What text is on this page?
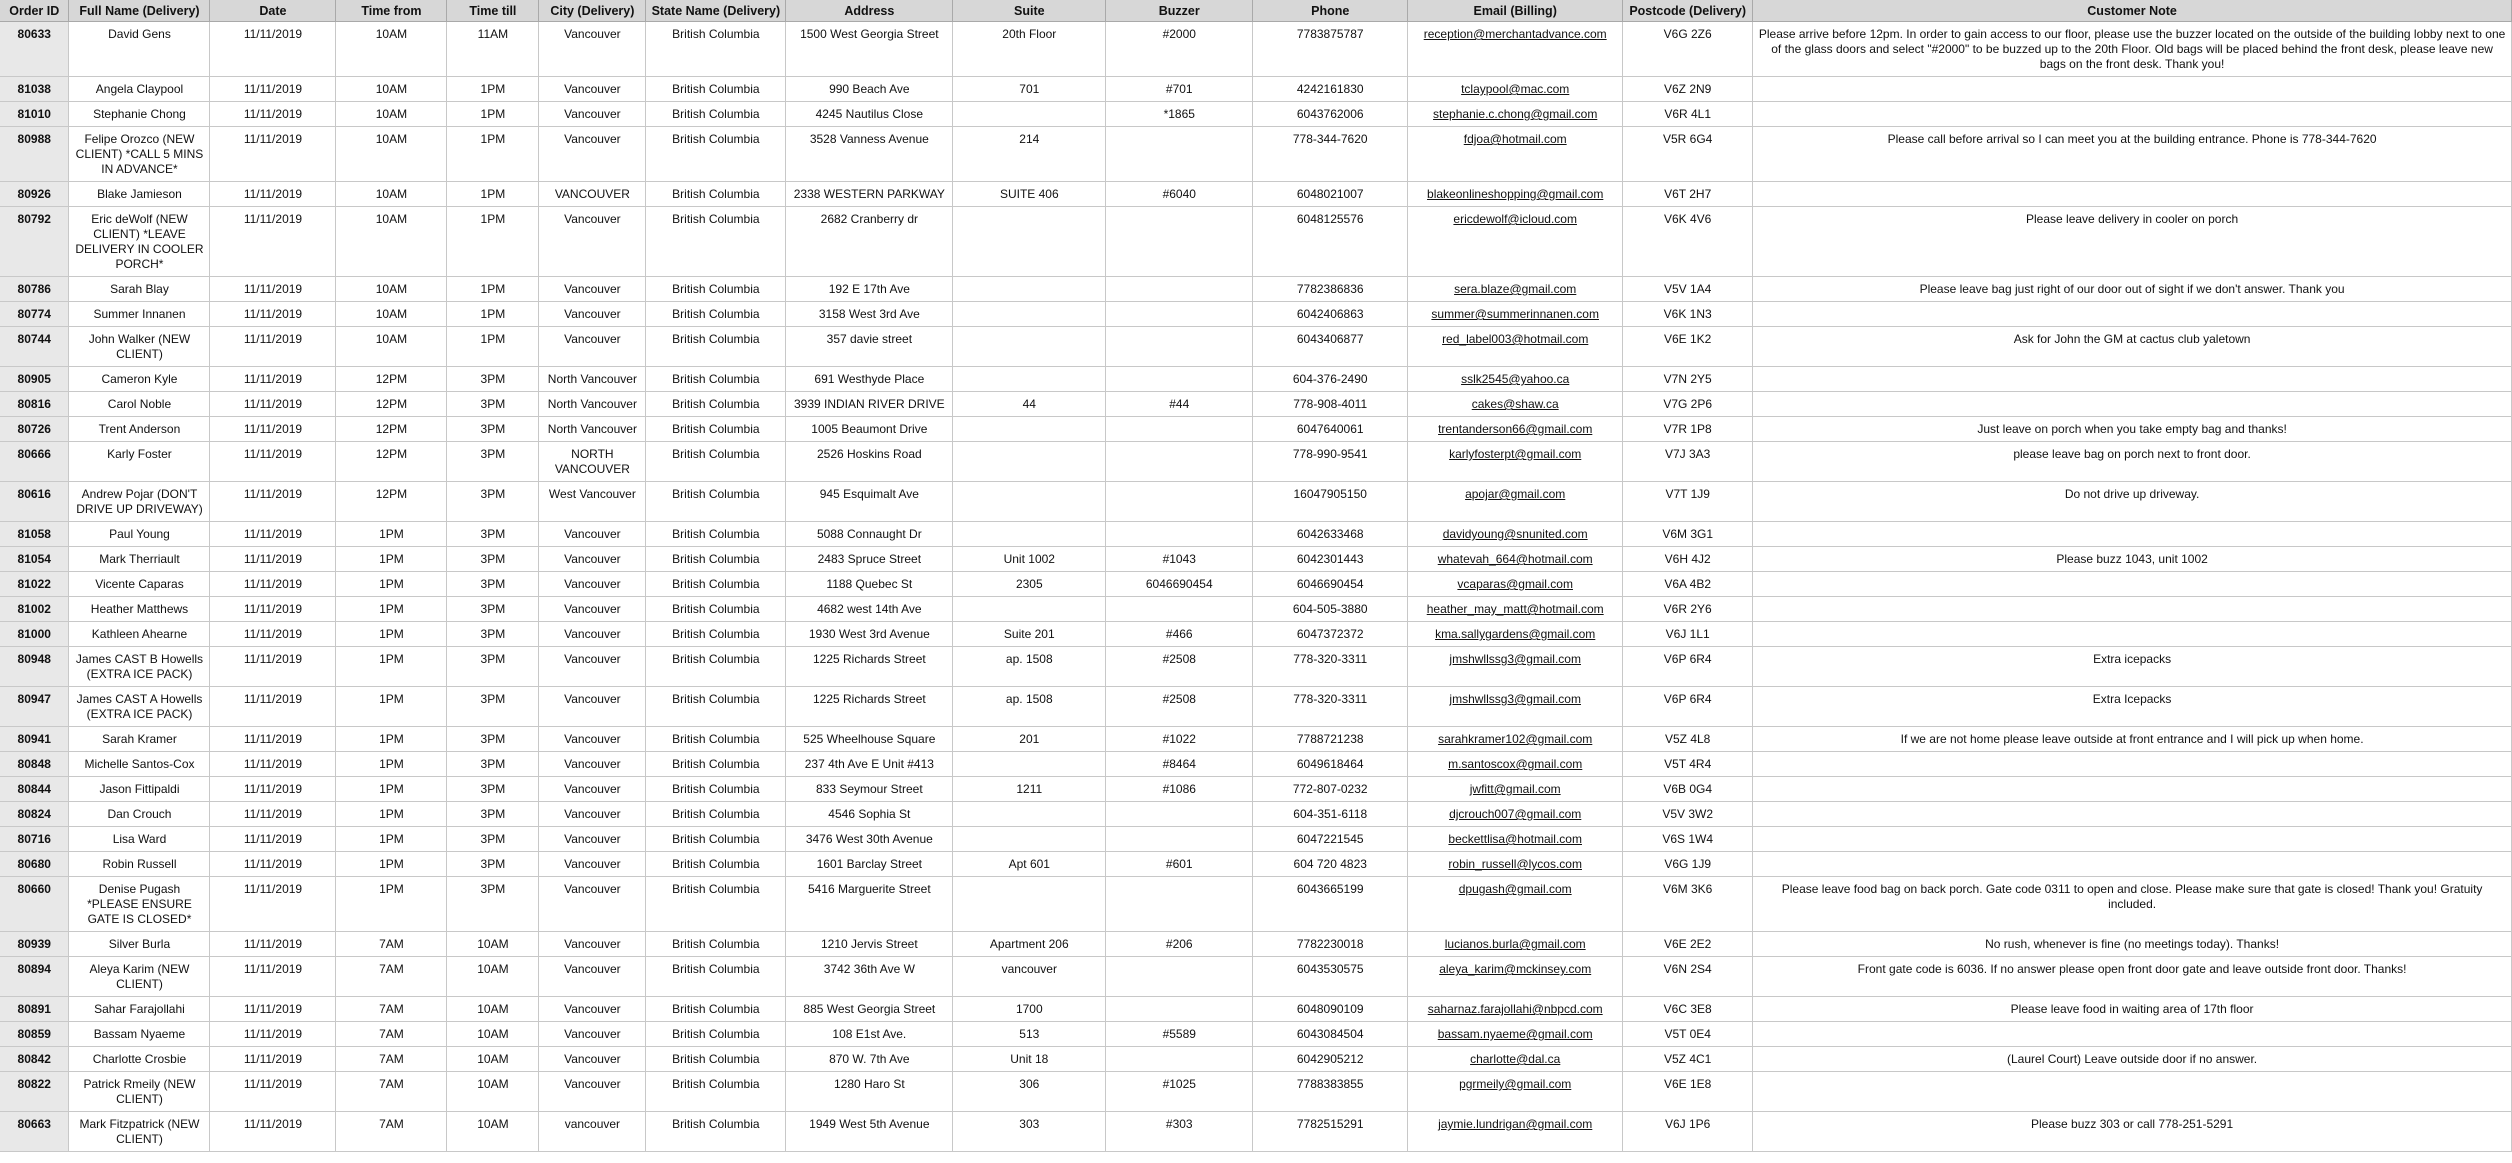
Order ID	Full Name (Delivery)	Date	Time from	Time till	City (Delivery)	State Name (Delivery)	Address	Suite	Buzzer	Phone	Email (Billing)	Postcode (Delivery)	Customer Note
80633	David Gens	11/11/2019	10AM	11AM	Vancouver	British Columbia	1500 West Georgia Street	20th Floor	#2000	7783875787	reception@merchantadvance.com	V6G 2Z6	Please arrive before 12pm. In order to gain access to our floor, please use the buzzer located on the outside of the building lobby next to one of the glass doors and select "#2000" to be buzzed up to the 20th Floor. Old bags will be placed behind the front desk, please leave new bags on the front desk. Thank you!
81038	Angela Claypool	11/11/2019	10AM	1PM	Vancouver	British Columbia	990 Beach Ave	701	#701	4242161830	tclaypool@mac.com	V6Z 2N9	
81010	Stephanie Chong	11/11/2019	10AM	1PM	Vancouver	British Columbia	4245 Nautilus Close		*1865	6043762006	stephanie.c.chong@gmail.com	V6R 4L1	
80988	Felipe Orozco (NEW CLIENT) *CALL 5 MINS IN ADVANCE*	11/11/2019	10AM	1PM	Vancouver	British Columbia	3528 Vanness Avenue	214		778-344-7620	fdjoa@hotmail.com	V5R 6G4	Please call before arrival so I can meet you at the building entrance. Phone is 778-344-7620
80926	Blake Jamieson	11/11/2019	10AM	1PM	VANCOUVER	British Columbia	2338 WESTERN PARKWAY	SUITE 406	#6040	6048021007	blakeonlineshopping@gmail.com	V6T 2H7	
80792	Eric deWolf (NEW CLIENT) *LEAVE DELIVERY IN COOLER PORCH*	11/11/2019	10AM	1PM	Vancouver	British Columbia	2682 Cranberry dr			6048125576	ericdewolf@icloud.com	V6K 4V6	Please leave delivery in cooler on porch
80786	Sarah Blay	11/11/2019	10AM	1PM	Vancouver	British Columbia	192 E 17th Ave			7782386836	sera.blaze@gmail.com	V5V 1A4	Please leave bag just right of our door out of sight if we don't answer. Thank you
80774	Summer Innanen	11/11/2019	10AM	1PM	Vancouver	British Columbia	3158 West 3rd Ave			6042406863	summer@summerinnanen.com	V6K 1N3	
80744	John Walker (NEW CLIENT)	11/11/2019	10AM	1PM	Vancouver	British Columbia	357 davie street			6043406877	red_label003@hotmail.com	V6E 1K2	Ask for John the GM at cactus club yaletown
80905	Cameron Kyle	11/11/2019	12PM	3PM	North Vancouver	British Columbia	691 Westhyde Place			604-376-2490	sslk2545@yahoo.ca	V7N 2Y5	
80816	Carol Noble	11/11/2019	12PM	3PM	North Vancouver	British Columbia	3939 INDIAN RIVER DRIVE	44	#44	778-908-4011	cakes@shaw.ca	V7G 2P6	
80726	Trent Anderson	11/11/2019	12PM	3PM	North Vancouver	British Columbia	1005 Beaumont Drive			6047640061	trentanderson66@gmail.com	V7R 1P8	Just leave on porch when you take empty bag and thanks!
80666	Karly Foster	11/11/2019	12PM	3PM	NORTH VANCOUVER	British Columbia	2526 Hoskins Road			778-990-9541	karlyfosterpt@gmail.com	V7J 3A3	please leave bag on porch next to front door.
80616	Andrew Pojar (DON'T DRIVE UP DRIVEWAY)	11/11/2019	12PM	3PM	West Vancouver	British Columbia	945 Esquimalt Ave			16047905150	apojar@gmail.com	V7T 1J9	Do not drive up driveway.
81058	Paul Young	11/11/2019	1PM	3PM	Vancouver	British Columbia	5088 Connaught Dr			6042633468	davidyoung@snunited.com	V6M 3G1	
81054	Mark Therriault	11/11/2019	1PM	3PM	Vancouver	British Columbia	2483 Spruce Street	Unit 1002	#1043	6042301443	whatevah_664@hotmail.com	V6H 4J2	Please buzz 1043, unit 1002
81022	Vicente Caparas	11/11/2019	1PM	3PM	Vancouver	British Columbia	1188 Quebec St	2305	6046690454	6046690454	vcaparas@gmail.com	V6A 4B2	
81002	Heather Matthews	11/11/2019	1PM	3PM	Vancouver	British Columbia	4682 west 14th Ave			604-505-3880	heather_may_matt@hotmail.com	V6R 2Y6	
81000	Kathleen Ahearne	11/11/2019	1PM	3PM	Vancouver	British Columbia	1930 West 3rd Avenue	Suite 201	#466	6047372372	kma.sallygardens@gmail.com	V6J 1L1	
80948	James CAST B Howells (EXTRA ICE PACK)	11/11/2019	1PM	3PM	Vancouver	British Columbia	1225 Richards Street	ap. 1508	#2508	778-320-3311	jmshwllssg3@gmail.com	V6P 6R4	Extra icepacks
80947	James CAST A Howells (EXTRA ICE PACK)	11/11/2019	1PM	3PM	Vancouver	British Columbia	1225 Richards Street	ap. 1508	#2508	778-320-3311	jmshwllssg3@gmail.com	V6P 6R4	Extra Icepacks
80941	Sarah Kramer	11/11/2019	1PM	3PM	Vancouver	British Columbia	525 Wheelhouse Square	201	#1022	7788721238	sarahkramer102@gmail.com	V5Z 4L8	If we are not home please leave outside at front entrance and I will pick up when home.
80848	Michelle Santos-Cox	11/11/2019	1PM	3PM	Vancouver	British Columbia	237 4th Ave E Unit #413		#8464	6049618464	m.santoscox@gmail.com	V5T 4R4	
80844	Jason Fittipaldi	11/11/2019	1PM	3PM	Vancouver	British Columbia	833 Seymour Street	1211	#1086	772-807-0232	jwfitt@gmail.com	V6B 0G4	
80824	Dan Crouch	11/11/2019	1PM	3PM	Vancouver	British Columbia	4546 Sophia St			604-351-6118	djcrouch007@gmail.com	V5V 3W2	
80716	Lisa Ward	11/11/2019	1PM	3PM	Vancouver	British Columbia	3476 West 30th Avenue			6047221545	beckettlisa@hotmail.com	V6S 1W4	
80680	Robin Russell	11/11/2019	1PM	3PM	Vancouver	British Columbia	1601 Barclay Street	Apt 601	#601	604 720 4823	robin_russell@lycos.com	V6G 1J9	
80660	Denise Pugash *PLEASE ENSURE GATE IS CLOSED*	11/11/2019	1PM	3PM	Vancouver	British Columbia	5416 Marguerite Street			6043665199	dpugash@gmail.com	V6M 3K6	Please leave food bag on back porch. Gate code 0311 to open and close. Please make sure that gate is closed! Thank you! Gratuity included.
80939	Silver Burla	11/11/2019	7AM	10AM	Vancouver	British Columbia	1210 Jervis Street	Apartment 206	#206	7782230018	lucianos.burla@gmail.com	V6E 2E2	No rush, whenever is fine (no meetings today). Thanks!
80894	Aleya Karim (NEW CLIENT)	11/11/2019	7AM	10AM	Vancouver	British Columbia	3742 36th Ave W	vancouver		6043530575	aleya_karim@mckinsey.com	V6N 2S4	Front gate code is 6036. If no answer please open front door gate and leave outside front door. Thanks!
80891	Sahar Farajollahi	11/11/2019	7AM	10AM	Vancouver	British Columbia	885 West Georgia Street	1700		6048090109	saharnaz.farajollahi@nbpcd.com	V6C 3E8	Please leave food in waiting area of 17th floor
80859	Bassam Nyaeme	11/11/2019	7AM	10AM	Vancouver	British Columbia	108 E1st Ave.	513	#5589	6043084504	bassam.nyaeme@gmail.com	V5T 0E4	
80842	Charlotte Crosbie	11/11/2019	7AM	10AM	Vancouver	British Columbia	870 W. 7th Ave	Unit 18		6042905212	charlotte@dal.ca	V5Z 4C1	(Laurel Court) Leave outside door if no answer.
80822	Patrick Rmeily (NEW CLIENT)	11/11/2019	7AM	10AM	Vancouver	British Columbia	1280 Haro St	306	#1025	7788383855	pgrmeily@gmail.com	V6E 1E8	
80663	Mark Fitzpatrick (NEW CLIENT)	11/11/2019	7AM	10AM	vancouver	British Columbia	1949 West 5th Avenue	303	#303	7782515291	jaymie.lundrigan@gmail.com	V6J 1P6	Please buzz 303 or call 778-251-5291
